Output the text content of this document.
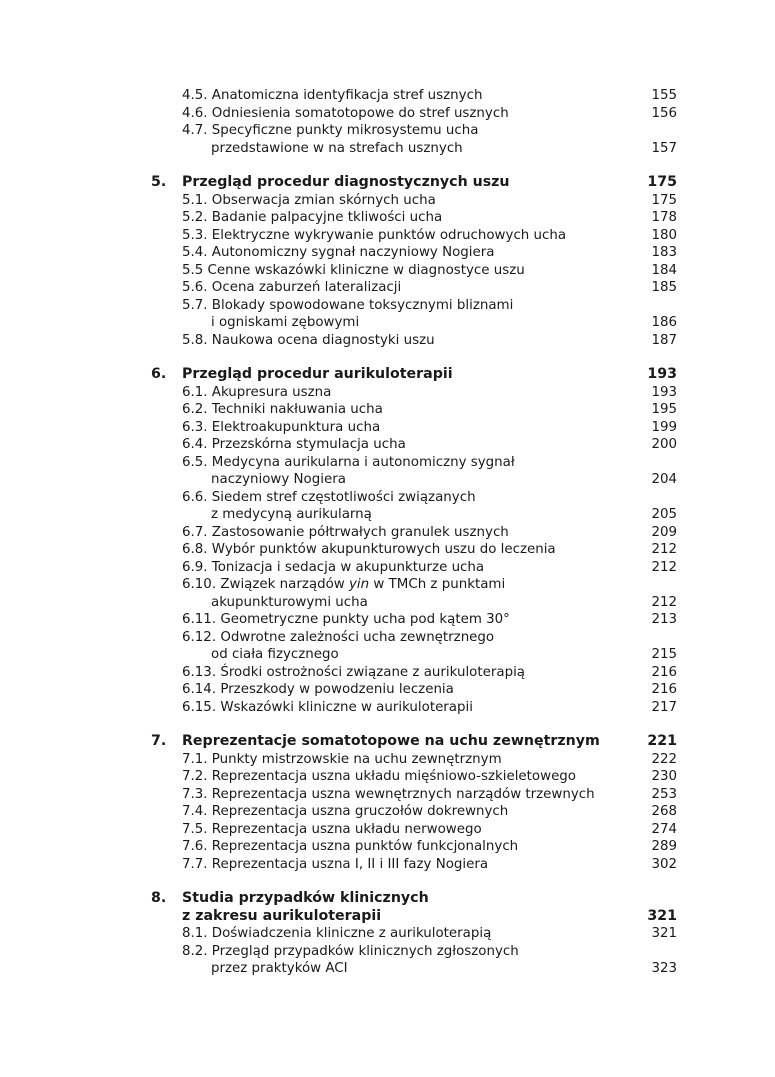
4.5. Anatomiczna identyfikacja stref usznych	155
4.6. Odniesienia somatotopowe do stref usznych	156
4.7. Specyficzne punkty mikrosystemu ucha
przedstawione w na strefach usznych	157
5. Przegląd procedur diagnostycznych uszu	175
5.1. Obserwacja zmian skórnych ucha	175
5.2. Badanie palpacyjne tkliwości ucha	178
5.3. Elektryczne wykrywanie punktów odruchowych ucha	180
5.4. Autonomiczny sygnał naczyniowy Nogiera	183
5.5 Cenne wskazówki kliniczne w diagnostyce uszu	184
5.6. Ocena zaburzeń lateralizacji	185
5.7. Blokady spowodowane toksycznymi bliznami
i ogniskami zębowymi	186
5.8. Naukowa ocena diagnostyki uszu	187
6. Przegląd procedur aurikuloterapii	193
6.1. Akupresura uszna	193
6.2. Techniki nakłuwania ucha	195
6.3. Elektroakupunktura ucha	199
6.4. Przezskórna stymulacja ucha	200
6.5. Medycyna aurikularna i autonomiczny sygnał
naczyniowy Nogiera	204
6.6. Siedem stref częstotliwości związanych
z medycyną aurikularną	205
6.7. Zastosowanie półtrwałych granulek usznych	209
6.8. Wybór punktów akupunkturowych uszu do leczenia	212
6.9. Tonizacja i sedacja w akupunkturze ucha	212
6.10. Związek narządów yin w TMCh z punktami
akupunkturowymi ucha	212
6.11. Geometryczne punkty ucha pod kątem 30°	213
6.12. Odwrotne zależności ucha zewnętrznego
od ciała fizycznego	215
6.13. Środki ostrożności związane z aurikuloterapią	216
6.14. Przeszkody w powodzeniu leczenia	216
6.15. Wskazówki kliniczne w aurikuloterapii	217
7. Reprezentacje somatotopowe na uchu zewnętrznym	221
7.1. Punkty mistrzowskie na uchu zewnętrznym	222
7.2. Reprezentacja uszna układu mięśniowo-szkieletowego	230
7.3. Reprezentacja uszna wewnętrznych narządów trzewnych	253
7.4. Reprezentacja uszna gruczołów dokrewnych	268
7.5. Reprezentacja uszna układu nerwowego	274
7.6. Reprezentacja uszna punktów funkcjonalnych	289
7.7. Reprezentacja uszna I, II i III fazy Nogiera	302
8. Studia przypadków klinicznych
z zakresu aurikuloterapii	321
8.1. Doświadczenia kliniczne z aurikuloterapią	321
8.2. Przegląd przypadków klinicznych zgłoszonych
przez praktyków ACI	323
